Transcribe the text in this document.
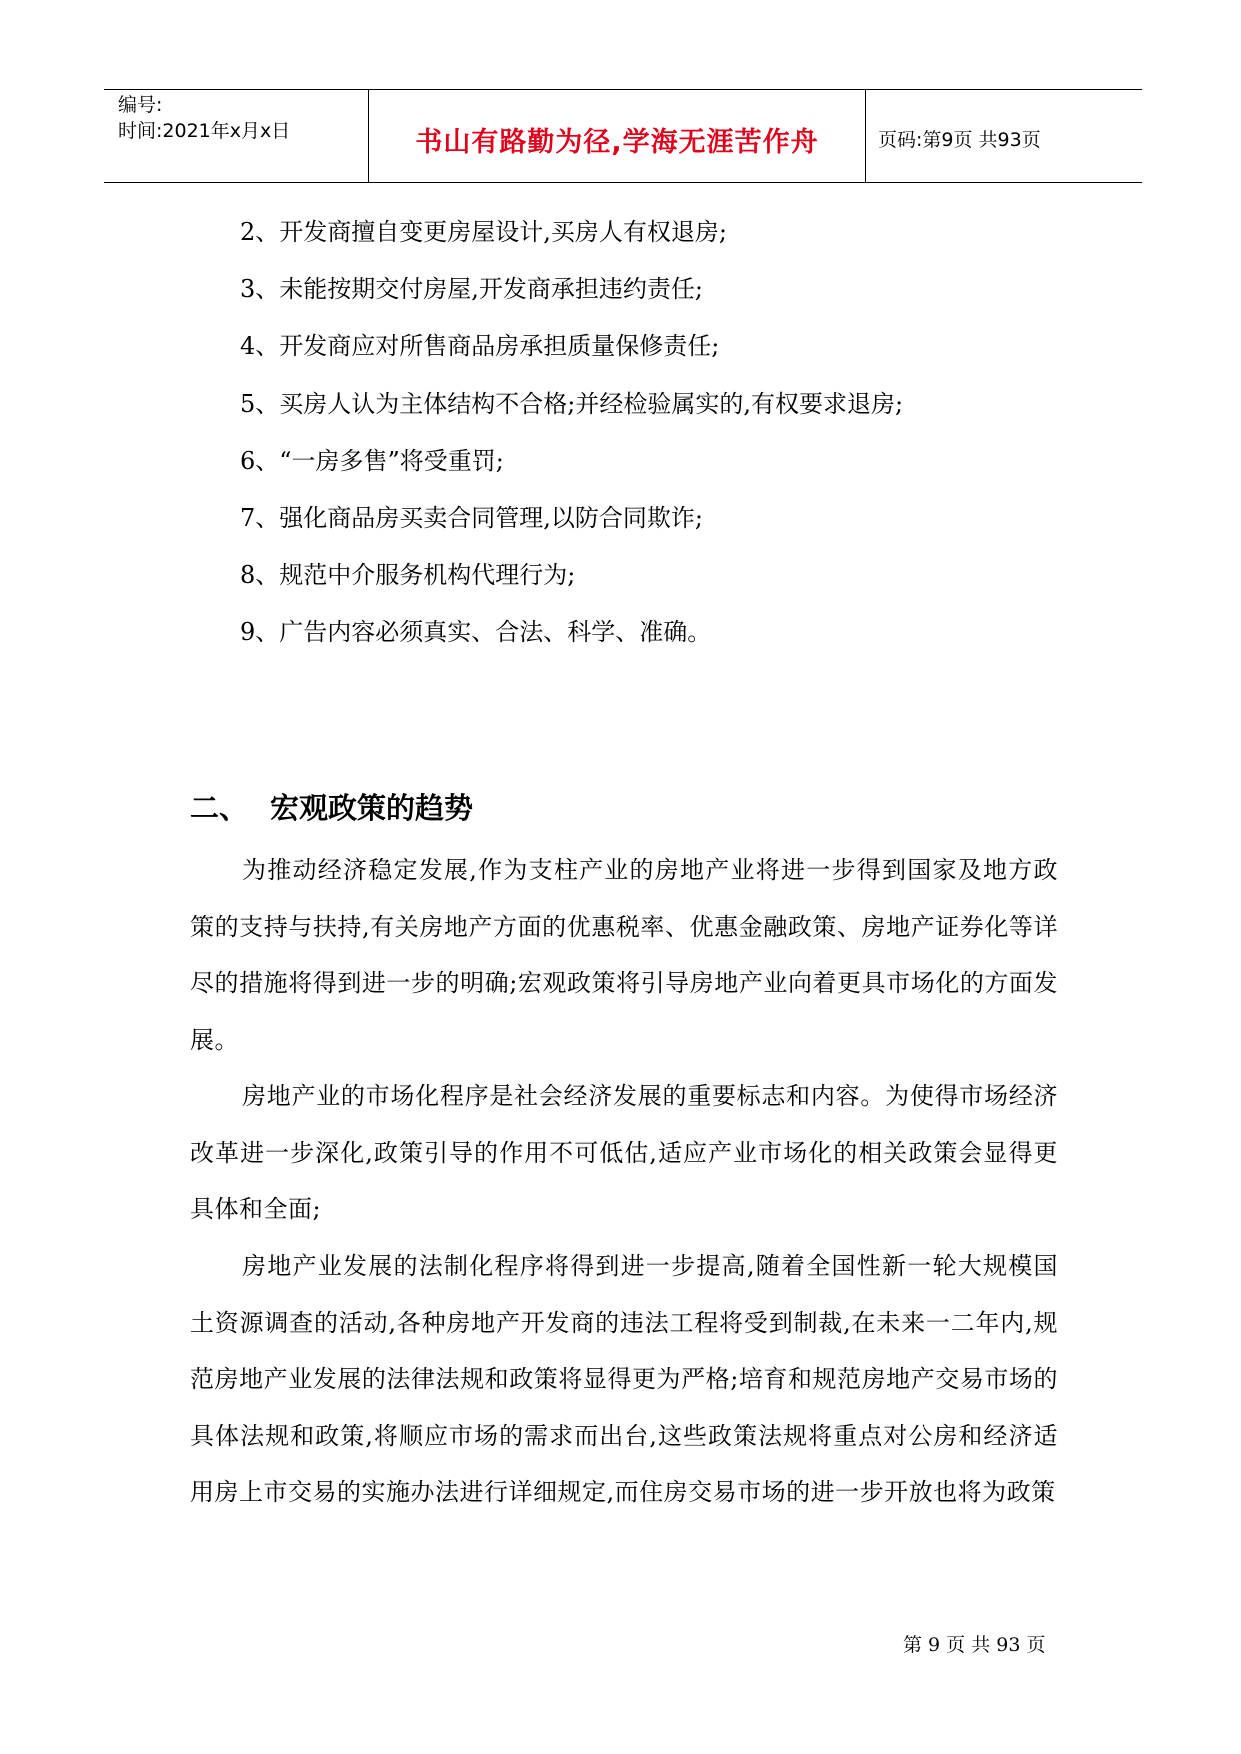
编号:
时间:2021年x月x日	书山有路勤为径,学海无涯苦作舟	页码:第9页 共93页
2、开发商擅自变更房屋设计,买房人有权退房;
3、未能按期交付房屋,开发商承担违约责任;
4、开发商应对所售商品房承担质量保修责任;
5、买房人认为主体结构不合格;并经检验属实的,有权要求退房;
6、“一房多售”将受重罚;
7、强化商品房买卖合同管理,以防合同欺诈;
8、规范中介服务机构代理行为;
9、广告内容必须真实、合法、科学、准确。
二、 宏观政策的趋势
为推动经济稳定发展,作为支柱产业的房地产业将进一步得到国家及地方政策的支持与扶持,有关房地产方面的优惠税率、优惠金融政策、房地产证券化等详尽的措施将得到进一步的明确;宏观政策将引导房地产业向着更具市场化的方面发展。
房地产业的市场化程序是社会经济发展的重要标志和内容。为使得市场经济改革进一步深化,政策引导的作用不可低估,适应产业市场化的相关政策会显得更具体和全面;
房地产业发展的法制化程序将得到进一步提高,随着全国性新一轮大规模国土资源调查的活动,各种房地产开发商的违法工程将受到制裁,在未来一二年内,规范房地产业发展的法律法规和政策将显得更为严格;培育和规范房地产交易市场的具体法规和政策,将顺应市场的需求而出台,这些政策法规将重点对公房和经济适用房上市交易的实施办法进行详细规定,而住房交易市场的进一步开放也将为政策
第 9 页 共 93 页
